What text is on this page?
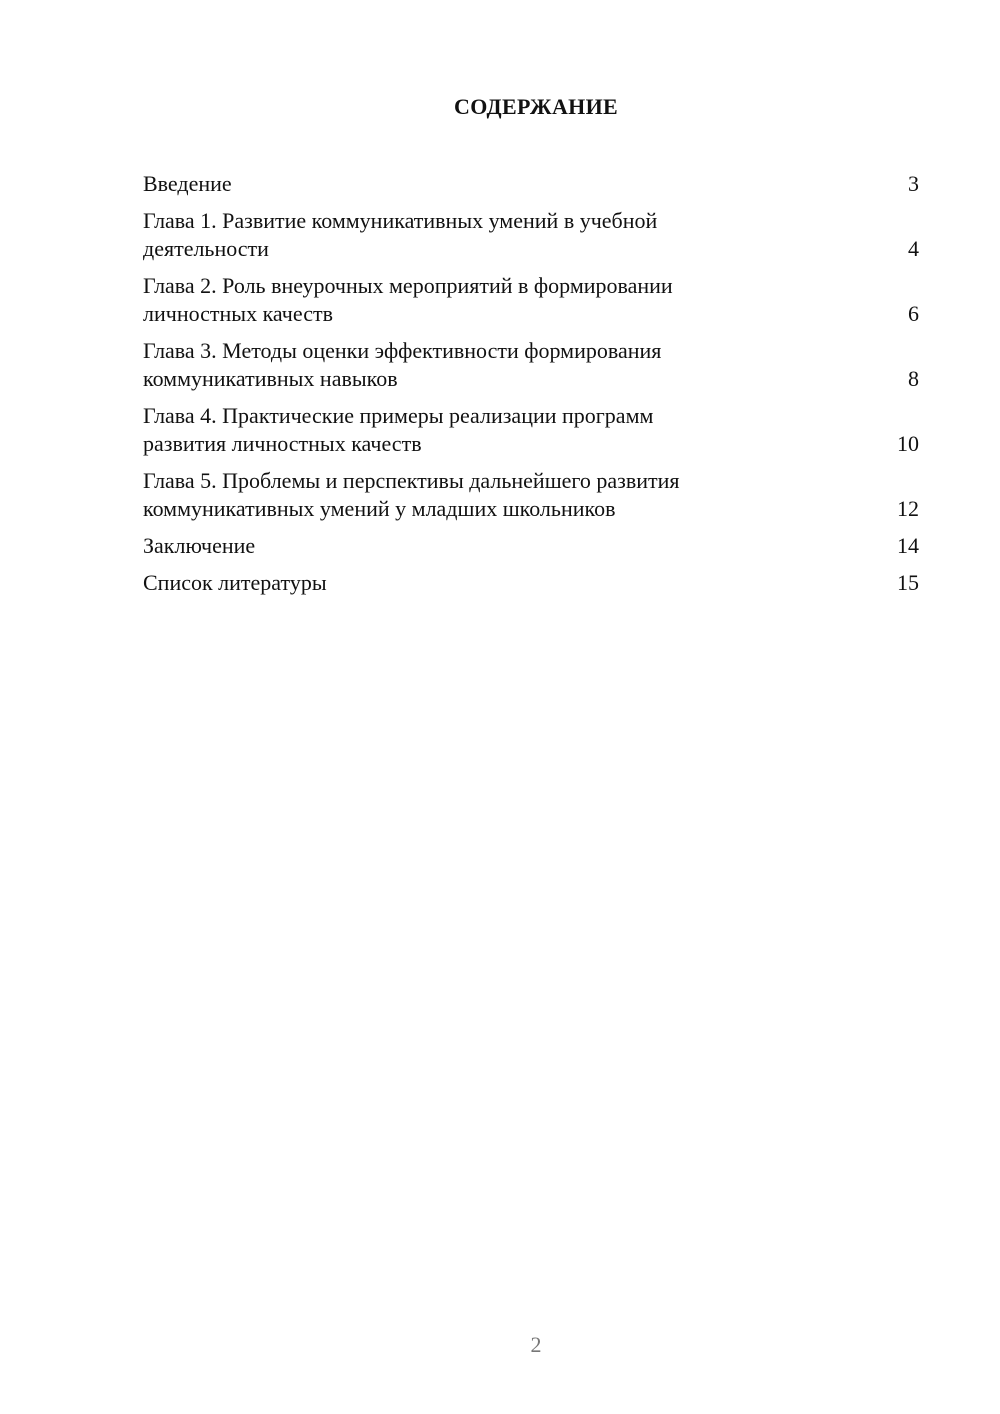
СОДЕРЖАНИЕ
Введение	3
Глава 1. Развитие коммуникативных умений в учебной
деятельности	4
Глава 2. Роль внеурочных мероприятий в формировании
личностных качеств	6
Глава 3. Методы оценки эффективности формирования
коммуникативных навыков	8
Глава 4. Практические примеры реализации программ
развития личностных качеств	10
Глава 5. Проблемы и перспективы дальнейшего развития
коммуникативных умений у младших школьников	12
Заключение	14
Список литературы	15
2
